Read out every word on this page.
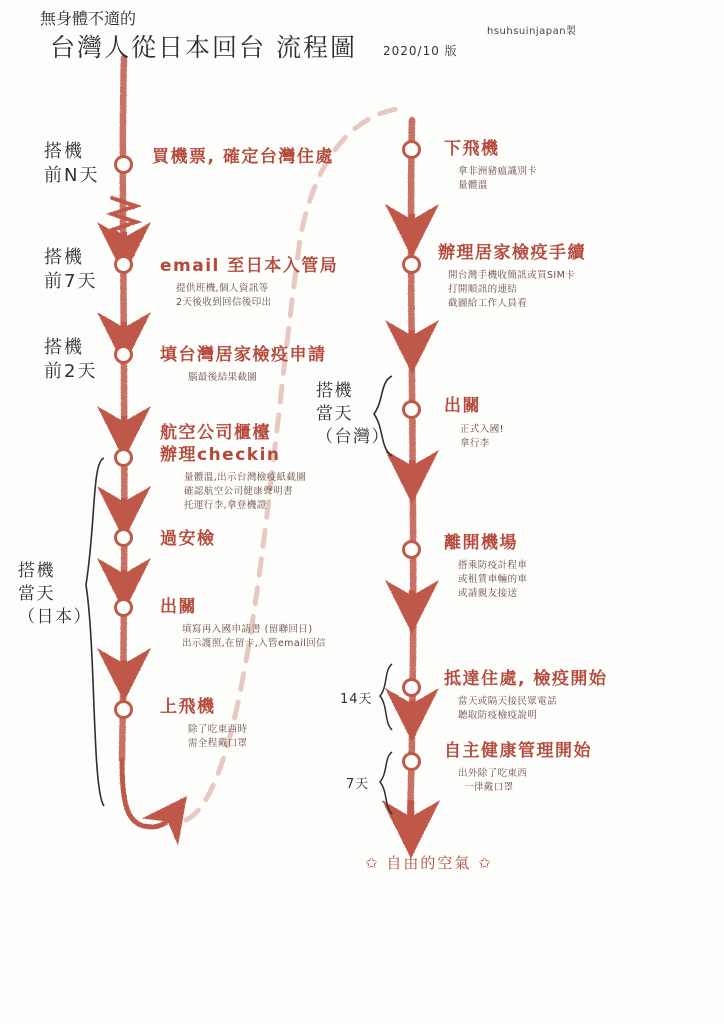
無身體不適的
台灣人從日本回台 流程圖 2020/10 版
hsuhsuinjapan製
搭機
前N天
搭機
前7天
搭機
前2天
搭機
當天
（日本）
買機票, 確定台灣住處
email 至日本入管局
提供班機,個人資訊等
2天後收到回信後印出
填台灣居家檢疫申請
腦最後結果截圖
航空公司櫃檯
辦理checkin
量體溫,出示台灣檢疫紙截圖
確認航空公司健康聲明書
托運行李,拿登機證
過安檢
出關
填寫再入國申請書 (留聯回日)
出示護照,在留卡,入管email回信
上飛機
除了吃東西時
需全程戴口罩
搭機
當天
（台灣）
14天
7天
下飛機
拿非洲豬瘟識別卡
量體溫
辦理居家檢疫手續
開台灣手機收簡訊或買SIM卡
打開順訊的連結
截圖給工作人員看
出關
正式入國!
拿行李
離開機場
搭乘防疫計程車
或租賃車輛的車
或請親友接送
抵達住處, 檢疫開始
當天或隔天接民眾電話
聽取防疫檢疫說明
自主健康管理開始
出外除了吃東西
一律戴口罩
✩ 自由的空氣 ✩
